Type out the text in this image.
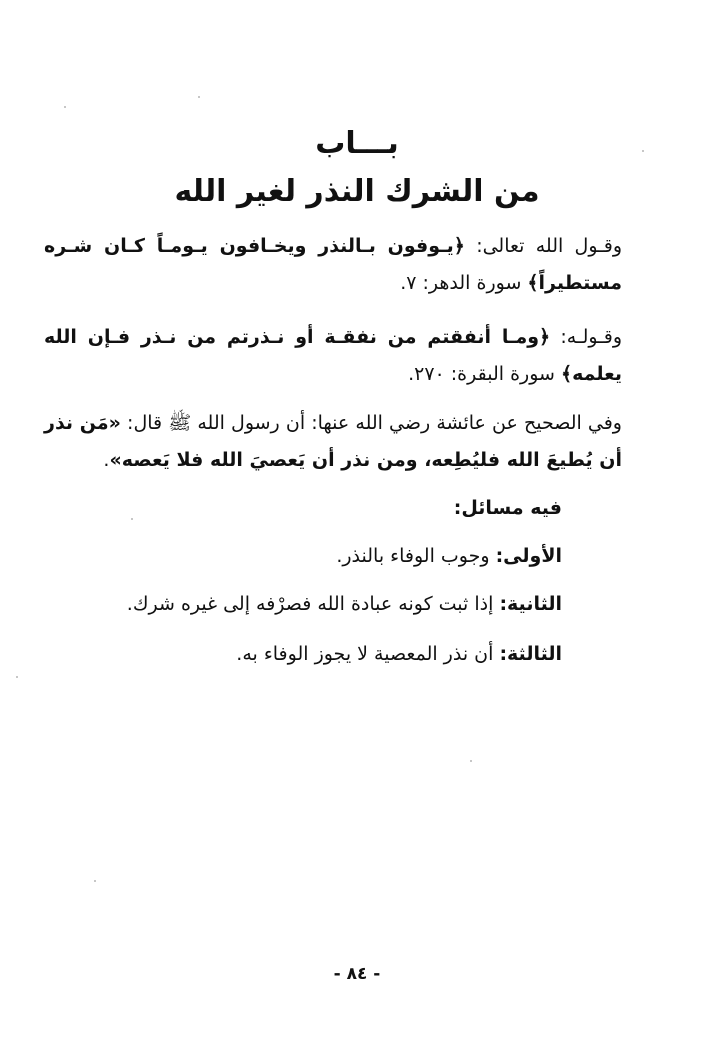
بـــاب
من الشرك النذر لغير الله
وقـول الله تعالى: ﴿يـوفون بـالنذر ويخـافون يـومـاً كـان شـره مستطيراً﴾ سورة الدهر: ٧.
وقـولـه: ﴿ومـا أنفقتم من نفقـة أو نـذرتم من نـذر فـإن الله يعلمه﴾ سورة البقرة: ٢٧٠.
وفي الصحيح عن عائشة رضي الله عنها: أن رسول الله ﷺ قال: «مَن نذر أن يُطيعَ الله فليُطِعه، ومن نذر أن يَعصيَ الله فلا يَعصه».
فيه مسائل:
الأولى: وجوب الوفاء بالنذر.
الثانية: إذا ثبت كونه عبادة الله فصرْفه إلى غيره شرك.
الثالثة: أن نذر المعصية لا يجوز الوفاء به.
- ٨٤ -
